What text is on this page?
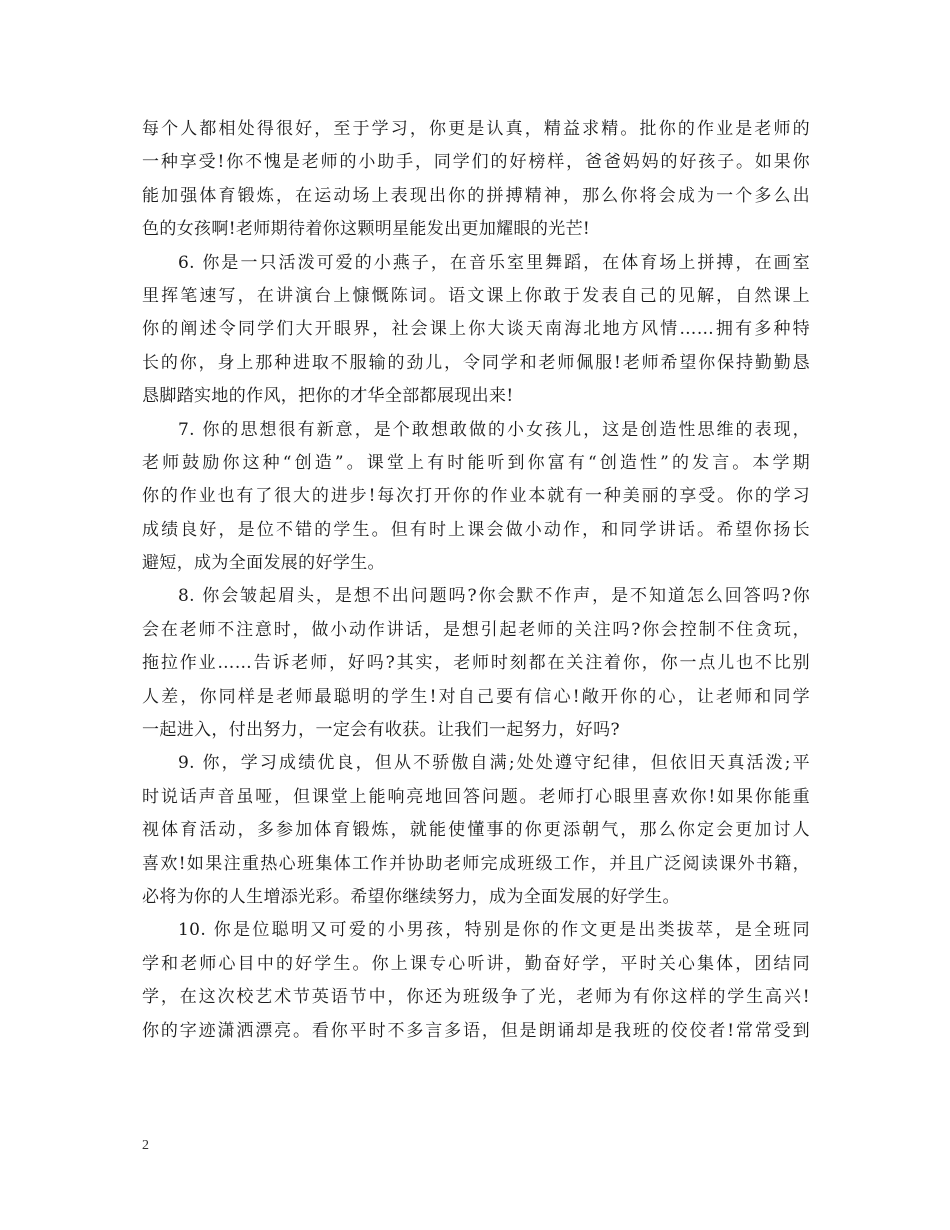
每个人都相处得很好，至于学习，你更是认真，精益求精。批你的作业是老师的
一种享受!你不愧是老师的小助手，同学们的好榜样，爸爸妈妈的好孩子。如果你
能加强体育锻炼，在运动场上表现出你的拼搏精神，那么你将会成为一个多么出
色的女孩啊!老师期待着你这颗明星能发出更加耀眼的光芒!
6. 你是一只活泼可爱的小燕子，在音乐室里舞蹈，在体育场上拼搏，在画室
里挥笔速写，在讲演台上慷慨陈词。语文课上你敢于发表自己的见解，自然课上
你的阐述令同学们大开眼界，社会课上你大谈天南海北地方风情……拥有多种特
长的你，身上那种进取不服输的劲儿，令同学和老师佩服!老师希望你保持勤勤恳
恳脚踏实地的作风，把你的才华全部都展现出来!
7. 你的思想很有新意，是个敢想敢做的小女孩儿，这是创造性思维的表现，
老师鼓励你这种“创造”。课堂上有时能听到你富有“创造性”的发言。本学期
你的作业也有了很大的进步!每次打开你的作业本就有一种美丽的享受。你的学习
成绩良好，是位不错的学生。但有时上课会做小动作，和同学讲话。希望你扬长
避短，成为全面发展的好学生。
8. 你会皱起眉头，是想不出问题吗?你会默不作声，是不知道怎么回答吗?你
会在老师不注意时，做小动作讲话，是想引起老师的关注吗?你会控制不住贪玩，
拖拉作业……告诉老师，好吗?其实，老师时刻都在关注着你，你一点儿也不比别
人差，你同样是老师最聪明的学生!对自己要有信心!敞开你的心，让老师和同学
一起进入，付出努力，一定会有收获。让我们一起努力，好吗?
9. 你，学习成绩优良，但从不骄傲自满;处处遵守纪律，但依旧天真活泼;平
时说话声音虽哑，但课堂上能响亮地回答问题。老师打心眼里喜欢你!如果你能重
视体育活动，多参加体育锻炼，就能使懂事的你更添朝气，那么你定会更加讨人
喜欢!如果注重热心班集体工作并协助老师完成班级工作，并且广泛阅读课外书籍，
必将为你的人生增添光彩。希望你继续努力，成为全面发展的好学生。
10. 你是位聪明又可爱的小男孩，特别是你的作文更是出类拔萃，是全班同
学和老师心目中的好学生。你上课专心听讲，勤奋好学，平时关心集体，团结同
学，在这次校艺术节英语节中，你还为班级争了光，老师为有你这样的学生高兴!
你的字迹潇洒漂亮。看你平时不多言多语，但是朗诵却是我班的佼佼者!常常受到
2
